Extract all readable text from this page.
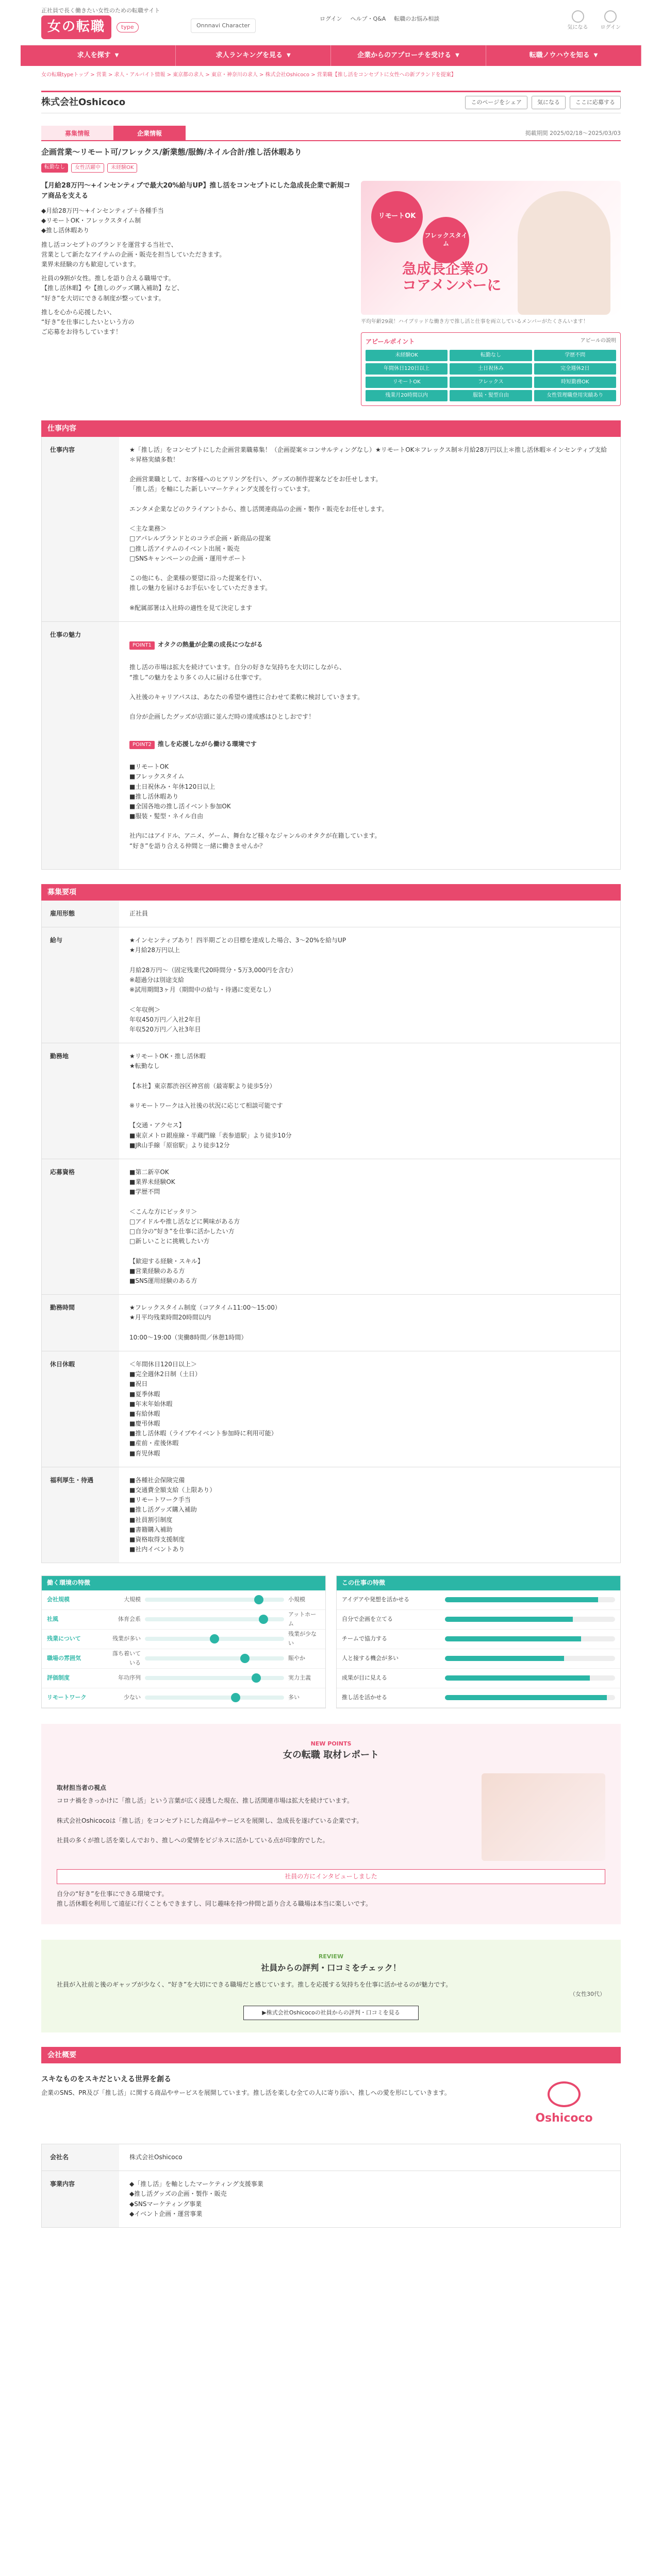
正社員で長く働きたい女性のための転職サイト
女の転職	type	Onnnavi Character
ログイン ヘルプ・Q&A 転職のお悩み相談
気になる ログイン
求人を探す ▼	求人ランキングを見る ▼	企業からのアプローチを受ける ▼	転職ノウハウを知る ▼
女の転職typeトップ > 営業 > 求人・アルバイト情報 > 東京都の求人 > 東京・神奈川の求人 > 株式会社Oshicoco > 営業職【推し活をコンセプトに女性への新ブランドを提案】
株式会社Oshicoco	このページをシェア	気になる	ここに応募する
募集情報	企業情報	掲載期間 2025/02/18〜2025/03/03
企画営業〜リモート可/フレックス/新業態/服飾/ネイル合計/推し活休暇あり
転勤なし	女性活躍中	未経験OK

【月給28万円〜+インセンティブで最大20%給与UP】推し活をコンセプトにした急成長企業で新規コア商品を支える

◆月給28万円〜+インセンティブ＋各種手当
◆リモートOK・フレックスタイム制
◆推し活休暇あり

推し活コンセプトのブランドを運営する当社で、
営業として新たなアイテムの企画・販売を担当していただきます。
業界未経験の方も歓迎しています。

社員の9割が女性。推しを語り合える職場です。
【推し活休暇】や【推しのグッズ購入補助】など、
“好き”を大切にできる制度が整っています。

推しを心から応援したい、
“好き”を仕事にしたいという方の
ご応募をお待ちしています！

リモートOK
フレックスタイム
急成長企業の
コアメンバーに
平均年齢29歳！ハイブリッドな働き方で推し活と仕事を両立しているメンバーがたくさんいます！
アピールポイント	アピールの説明
未経験OK	転勤なし	学歴不問
年間休日120日以上	土日祝休み	完全週休2日
リモートOK	フレックス	時短勤務OK
残業月20時間以内	服装・髪型自由	女性管理職登用実績あり
仕事内容
仕事内容	★「推し活」をコンセプトにした企画営業職募集！（企画提案＊コンサルティングなし）★リモートOK＊フレックス制＊月給28万円以上＊推し活休暇＊インセンティブ支給＊昇格実績多数！

企画営業職として、お客様へのヒアリングを行い、グッズの制作提案などをお任せします。
「推し活」を軸にした新しいマーケティング支援を行っています。

エンタメ企業などのクライアントから、推し活関連商品の企画・製作・販売をお任せします。

＜主な業務＞
□アパレルブランドとのコラボ企画・新商品の提案
□推し活アイテムのイベント出展・販売
□SNSキャンペーンの企画・運用サポート

この他にも、企業様の要望に沿った提案を行い、
推しの魅力を届けるお手伝いをしていただきます。

※配属部署は入社時の適性を見て決定します
仕事の魅力

POINT1 オタクの熱量が企業の成長につながる

推し活の市場は拡大を続けています。自分の好きな気持ちを大切にしながら、
“推し”の魅力をより多くの人に届ける仕事です。

入社後のキャリアパスは、あなたの希望や適性に合わせて柔軟に検討していきます。

自分が企画したグッズが店頭に並んだ時の達成感はひとしおです！

POINT2 推しを応援しながら働ける環境です

■リモートOK
■フレックスタイム
■土日祝休み・年休120日以上
■推し活休暇あり
■全国各地の推し活イベント参加OK
■服装・髪型・ネイル自由

社内にはアイドル、アニメ、ゲーム、舞台など様々なジャンルのオタクが在籍しています。
“好き”を語り合える仲間と一緒に働きませんか？

募集要項
雇用形態	正社員
給与	★インセンティブあり！四半期ごとの目標を達成した場合、3〜20%を給与UP
★月給28万円以上

月給28万円〜（固定残業代20時間分・5万3,000円を含む）
※超過分は別途支給
※試用期間3ヶ月（期間中の給与・待遇に変更なし）

＜年収例＞
年収450万円／入社2年目
年収520万円／入社3年目
勤務地	★リモートOK・推し活休暇
★転勤なし

【本社】東京都渋谷区神宮前（最寄駅より徒歩5分）

※リモートワークは入社後の状況に応じて相談可能です

【交通・アクセス】
■東京メトロ銀座線・半蔵門線「表参道駅」より徒歩10分
■JR山手線「原宿駅」より徒歩12分
応募資格	■第二新卒OK
■業界未経験OK
■学歴不問

＜こんな方にピッタリ＞
□アイドルや推し活などに興味がある方
□自分の“好き”を仕事に活かしたい方
□新しいことに挑戦したい方

【歓迎する経験・スキル】
■営業経験のある方
■SNS運用経験のある方
勤務時間	★フレックスタイム制度（コアタイム11:00〜15:00）
★月平均残業時間20時間以内

10:00〜19:00（実働8時間／休憩1時間）
休日休暇	＜年間休日120日以上＞
■完全週休2日制（土日）
■祝日
■夏季休暇
■年末年始休暇
■有給休暇
■慶弔休暇
■推し活休暇（ライブやイベント参加時に利用可能）
■産前・産後休暇
■育児休暇
福利厚生・待遇	■各種社会保険完備
■交通費全額支給（上限あり）
■リモートワーク手当
■推し活グッズ購入補助
■社員割引制度
■書籍購入補助
■資格取得支援制度
■社内イベントあり
働く環境の特徴
会社規模	大規模	小規模
社風	体育会系
アットホーム
残業について	残業が多い
残業が少ない
職場の雰囲気
落ち着いている
賑やか
評価制度	年功序列	実力主義
リモートワーク	少ない	多い
この仕事の特徴
アイデアや発想を活かせる
自分で企画を立てる
チームで協力する
人と接する機会が多い
成果が目に見える
推し活を活かせる
NEW POINTS
女の転職 取材レポート

取材担当者の視点

コロナ禍をきっかけに「推し活」という言葉が広く浸透した現在、推し活関連市場は拡大を続けています。

株式会社Oshicocoは「推し活」をコンセプトにした商品やサービスを展開し、急成長を遂げている企業です。

社員の多くが推し活を楽しんでおり、推しへの愛情をビジネスに活かしている点が印象的でした。

社員の方にインタビューしました
自分の“好き”を仕事にできる環境です。
推し活休暇を利用して遠征に行くこともできますし、同じ趣味を持つ仲間と語り合える職場は本当に楽しいです。
REVIEW
社員からの評判・口コミをチェック！
社員が入社前と後のギャップが少なく、“好き”を大切にできる職場だと感じています。推しを応援する気持ちを仕事に活かせるのが魅力です。
（女性30代）
▶株式会社Oshicocoの社員からの評判・口コミを見る
会社概要
スキなものをスキだといえる世界を創る

企業のSNS、PR及び「推し活」に関する商品やサービスを展開しています。推し活を楽しむ全ての人に寄り添い、推しへの愛を形にしていきます。

Oshicoco
会社名	株式会社Oshicoco
事業内容	◆「推し活」を軸としたマーケティング支援事業
◆推し活グッズの企画・製作・販売
◆SNSマーケティング事業
◆イベント企画・運営事業
